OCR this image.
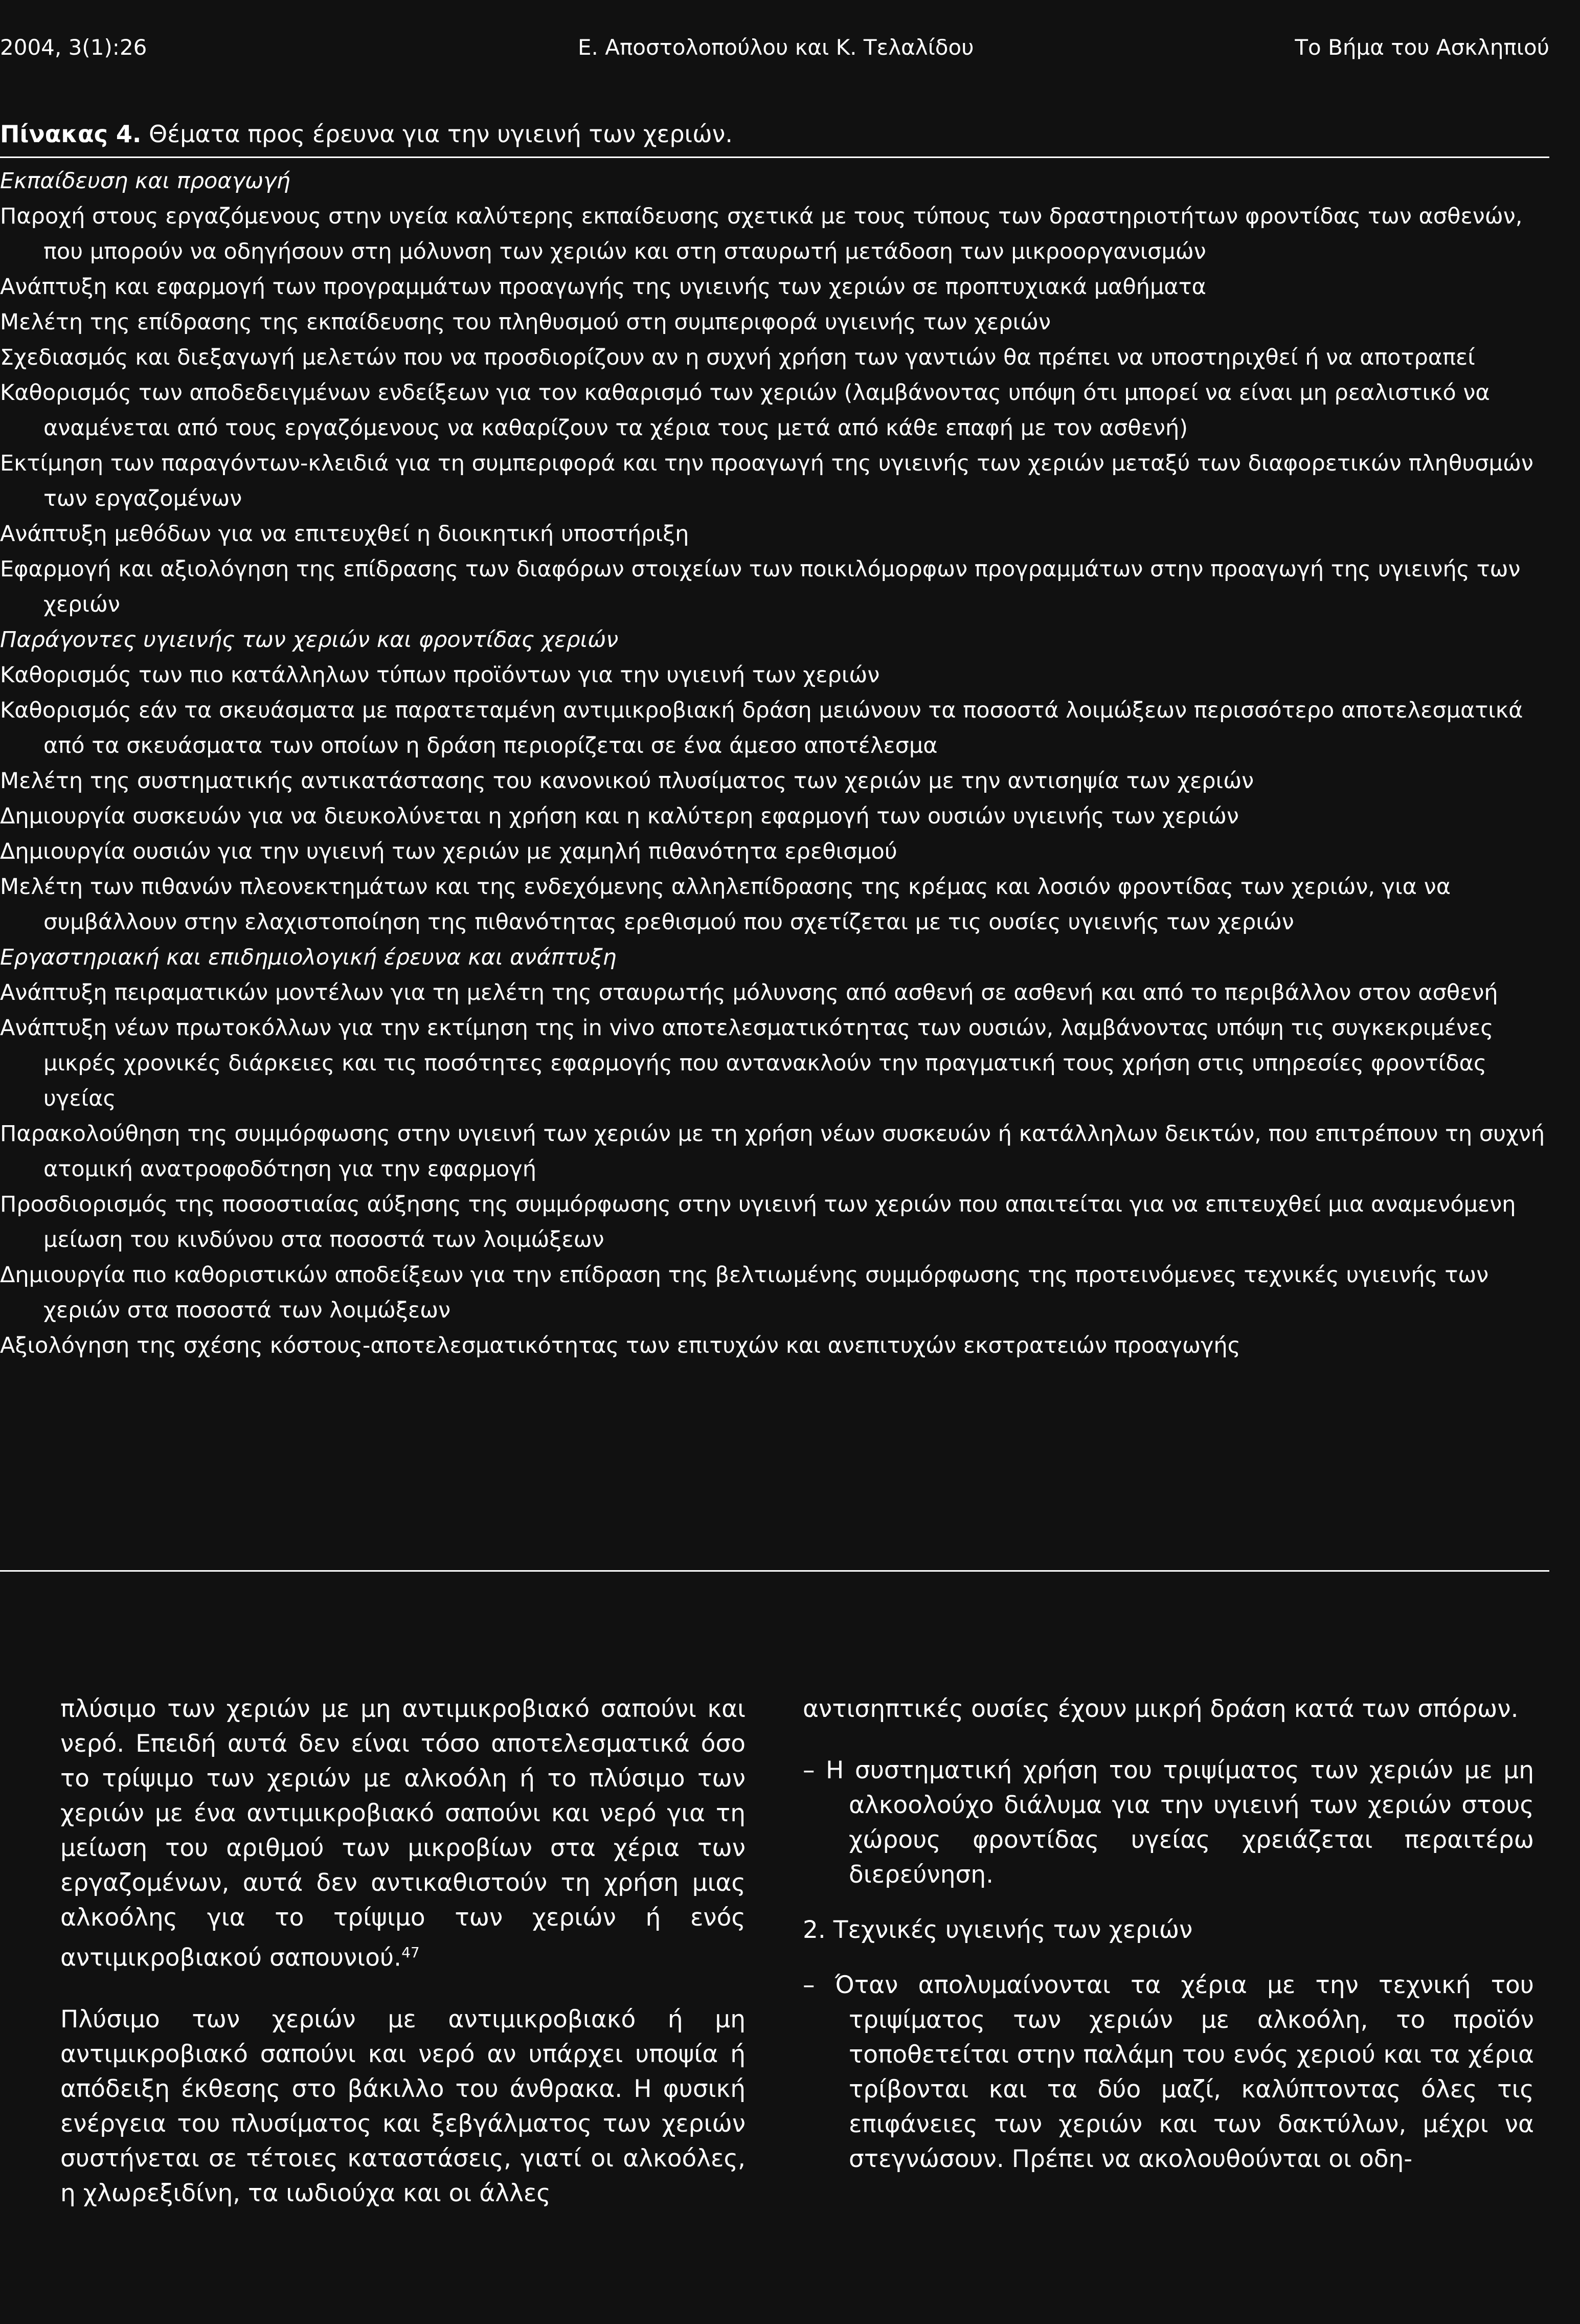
2004, 3(1):26	Ε. Αποστολοπούλου και Κ. Τελαλίδου	Το Βήμα του Ασκληπιού
Πίνακας 4. Θέματα προς έρευνα για την υγιεινή των χεριών.
Εκπαίδευση και προαγωγή
Παροχή στους εργαζόμενους στην υγεία καλύτερης εκπαίδευσης σχετικά με τους τύπους των δραστηριοτήτων φροντίδας των ασθενών, που μπορούν να οδηγήσουν στη μόλυνση των χεριών και στη σταυρωτή μετάδοση των μικροοργανισμών
Ανάπτυξη και εφαρμογή των προγραμμάτων προαγωγής της υγιεινής των χεριών σε προπτυχιακά μαθήματα
Μελέτη της επίδρασης της εκπαίδευσης του πληθυσμού στη συμπεριφορά υγιεινής των χεριών
Σχεδιασμός και διεξαγωγή μελετών που να προσδιορίζουν αν η συχνή χρήση των γαντιών θα πρέπει να υποστηριχθεί ή να αποτραπεί
Καθορισμός των αποδεδειγμένων ενδείξεων για τον καθαρισμό των χεριών (λαμβάνοντας υπόψη ότι μπορεί να είναι μη ρεαλιστικό να αναμένεται από τους εργαζόμενους να καθαρίζουν τα χέρια τους μετά από κάθε επαφή με τον ασθενή)
Εκτίμηση των παραγόντων-κλειδιά για τη συμπεριφορά και την προαγωγή της υγιεινής των χεριών μεταξύ των διαφορετικών πληθυσμών των εργαζομένων
Ανάπτυξη μεθόδων για να επιτευχθεί η διοικητική υποστήριξη
Εφαρμογή και αξιολόγηση της επίδρασης των διαφόρων στοιχείων των ποικιλόμορφων προγραμμάτων στην προαγωγή της υγιεινής των χεριών
Παράγοντες υγιεινής των χεριών και φροντίδας χεριών
Καθορισμός των πιο κατάλληλων τύπων προϊόντων για την υγιεινή των χεριών
Καθορισμός εάν τα σκευάσματα με παρατεταμένη αντιμικροβιακή δράση μειώνουν τα ποσοστά λοιμώξεων περισσότερο αποτελεσματικά από τα σκευάσματα των οποίων η δράση περιορίζεται σε ένα άμεσο αποτέλεσμα
Μελέτη της συστηματικής αντικατάστασης του κανονικού πλυσίματος των χεριών με την αντισηψία των χεριών
Δημιουργία συσκευών για να διευκολύνεται η χρήση και η καλύτερη εφαρμογή των ουσιών υγιεινής των χεριών
Δημιουργία ουσιών για την υγιεινή των χεριών με χαμηλή πιθανότητα ερεθισμού
Μελέτη των πιθανών πλεονεκτημάτων και της ενδεχόμενης αλληλεπίδρασης της κρέμας και λοσιόν φροντίδας των χεριών, για να συμβάλλουν στην ελαχιστοποίηση της πιθανότητας ερεθισμού που σχετίζεται με τις ουσίες υγιεινής των χεριών
Εργαστηριακή και επιδημιολογική έρευνα και ανάπτυξη
Ανάπτυξη πειραματικών μοντέλων για τη μελέτη της σταυρωτής μόλυνσης από ασθενή σε ασθενή και από το περιβάλλον στον ασθενή
Ανάπτυξη νέων πρωτοκόλλων για την εκτίμηση της in vivo αποτελεσματικότητας των ουσιών, λαμβάνοντας υπόψη τις συγκεκριμένες μικρές χρονικές διάρκειες και τις ποσότητες εφαρμογής που αντανακλούν την πραγματική τους χρήση στις υπηρεσίες φροντίδας υγείας
Παρακολούθηση της συμμόρφωσης στην υγιεινή των χεριών με τη χρήση νέων συσκευών ή κατάλληλων δεικτών, που επιτρέπουν τη συχνή ατομική ανατροφοδότηση για την εφαρμογή
Προσδιορισμός της ποσοστιαίας αύξησης της συμμόρφωσης στην υγιεινή των χεριών που απαιτείται για να επιτευχθεί μια αναμενόμενη μείωση του κινδύνου στα ποσοστά των λοιμώξεων
Δημιουργία πιο καθοριστικών αποδείξεων για την επίδραση της βελτιωμένης συμμόρφωσης της προτεινόμενες τεχνικές υγιεινής των χεριών στα ποσοστά των λοιμώξεων
Αξιολόγηση της σχέσης κόστους-αποτελεσματικότητας των επιτυχών και ανεπιτυχών εκστρατειών προαγωγής

πλύσιμο των χεριών με μη αντιμικροβιακό σαπούνι και νερό. Επειδή αυτά δεν είναι τόσο αποτελεσματικά όσο το τρίψιμο των χεριών με αλκοόλη ή το πλύσιμο των χεριών με ένα αντιμικροβιακό σαπούνι και νερό για τη μείωση του αριθμού των μικροβίων στα χέρια των εργαζομένων, αυτά δεν αντικαθιστούν τη χρήση μιας αλκοόλης για το τρίψιμο των χεριών ή ενός αντιμικροβιακού σαπουνιού.$^{47}$

Πλύσιμο των χεριών με αντιμικροβιακό ή μη αντιμικροβιακό σαπούνι και νερό αν υπάρχει υποψία ή απόδειξη έκθεσης στο βάκιλλο του άνθρακα. Η φυσική ενέργεια του πλυσίματος και ξεβγάλματος των χεριών συστήνεται σε τέτοιες καταστάσεις, γιατί οι αλκοόλες, η χλωρεξιδίνη, τα ιωδιούχα και οι άλλες

αντισηπτικές ουσίες έχουν μικρή δράση κατά των σπόρων.

– Η συστηματική χρήση του τριψίματος των χεριών με μη αλκοολούχο διάλυμα για την υγιεινή των χεριών στους χώρους φροντίδας υγείας χρειάζεται περαιτέρω διερεύνηση.

2. Τεχνικές υγιεινής των χεριών

– Όταν απολυμαίνονται τα χέρια με την τεχνική του τριψίματος των χεριών με αλκοόλη, το προϊόν τοποθετείται στην παλάμη του ενός χεριού και τα χέρια τρίβονται και τα δύο μαζί, καλύπτοντας όλες τις επιφάνειες των χεριών και των δακτύλων, μέχρι να στεγνώσουν. Πρέπει να ακολουθούνται οι οδη-
